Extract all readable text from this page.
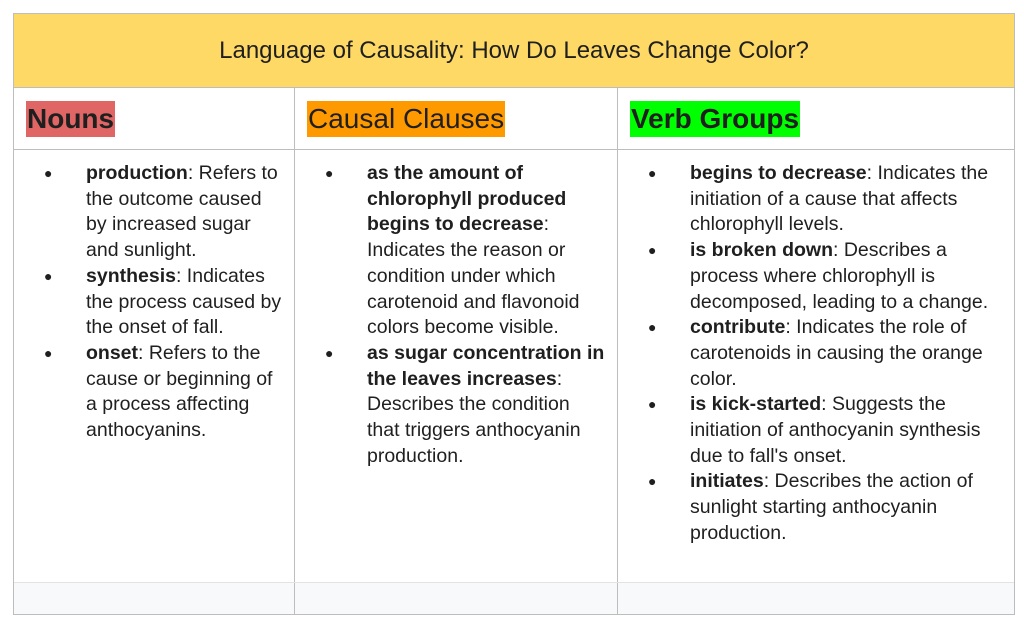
Language of Causality: How Do Leaves Change Color?
Nouns
● production: Refers to the outcome caused by increased sugar and sunlight.
● synthesis: Indicates the process caused by the onset of fall.
● onset: Refers to the cause or beginning of a process affecting anthocyanins.
Causal Clauses
● as the amount of chlorophyll produced begins to decrease: Indicates the reason or condition under which carotenoid and flavonoid colors become visible.
● as sugar concentration in the leaves increases: Describes the condition that triggers anthocyanin production.
Verb Groups
● begins to decrease: Indicates the initiation of a cause that affects chlorophyll levels.
● is broken down: Describes a process where chlorophyll is decomposed, leading to a change.
● contribute: Indicates the role of carotenoids in causing the orange color.
● is kick-started: Suggests the initiation of anthocyanin synthesis due to fall's onset.
● initiates: Describes the action of sunlight starting anthocyanin production.
